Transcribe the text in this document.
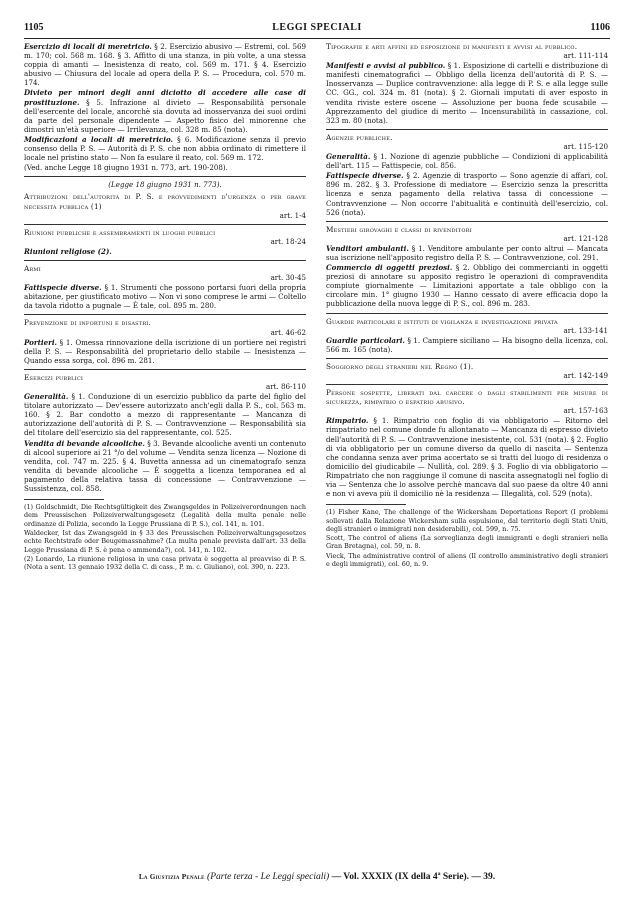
1105	LEGGI SPECIALI	1106

Esercizio di locali di meretricio. § 2. Esercizio abusivo — Estremi, col. 569 m. 170; col. 568 m. 168. § 3. Affitto di una stanza, in più volte, a una stessa coppia di amanti — Inesistenza di reato, col. 569 m. 171. § 4. Esercizio abusivo — Chiusura del locale ad opera della P. S. — Procedura, col. 570 m. 174.

Divieto per minori degli anni diciotto di accedere alle case di prostituzione. § 5. Infrazione al divieto — Responsabilità personale dell'esercente del locale, ancorchè sia dovuta ad inosservanza dei suoi ordini da parte del personale dipendente — Aspetto fisico del minorenne che dimostri un'età superiore — Irrilevanza, col. 328 m. 85 (nota).

Modificazioni a locali di meretricio. § 6. Modificazione senza il previo consenso della P. S. — Autorità di P. S. che non abbia ordinato di rimettere il locale nel pristino stato — Non fa esulare il reato, col. 569 m. 172.

(Ved. anche Legge 18 giugno 1931 n. 773, art. 190-208).

(Legge 18 giugno 1931 n. 773).

Attribuzioni dell'autorità di P. S. e provvedimenti d'urgenza o per grave necessità pubblica (1)
art. 1-4

Riunioni pubbliche e assembramenti in luoghi pubblici
art. 18-24

Riunioni religiose (2).

Armi
art. 30-45

Fattispecie diverse. § 1. Strumenti che possono portarsi fuori della propria abitazione, per giustificato motivo — Non vi sono comprese le armi — Coltello da tavola ridotto a pugnale — È tale, col. 895 m. 280.

Prevenzione di infortuni e disastri.
art. 46-62

Portieri. § 1. Omessa rinnovazione della iscrizione di un portiere nei registri della P. S. — Responsabilità del proprietario dello stabile — Inesistenza — Quando essa sorga, col. 896 m. 281.

Esercizi pubblici
art. 86-110

Generalità. § 1. Conduzione di un esercizio pubblico da parte del figlio del titolare autorizzato — Dev'essere autorizzato anch'egli dalla P. S., col. 563 m. 160. § 2. Bar condotto a mezzo di rappresentante — Mancanza di autorizzazione dell'autorità di P. S. — Contravvenzione — Responsabilità sia del titolare dell'esercizio sia del rappresentante, col. 525.

Vendita di bevande alcooliche. § 3. Bevande alcooliche aventi un contenuto di alcool superiore ai 21 °/o del volume — Vendita senza licenza — Nozione di vendita, col. 747 m. 225. § 4. Buvetta annessa ad un cinematografo senza vendita di bevande alcooliche — È soggetta a licenza temporanea ed al pagamento della relativa tassa di concessione — Contravvenzione — Sussistenza, col. 858.

(1) Goldschmidt, Die Rechtsgültigkeit des Zwangsgeldes in Polizeiverordnungen nach dem Preussischen Polizeiverwaltungsgesetz (Legalità della multa penale nelle ordinanze di Polizia, secondo la Legge Prussiana di P. S.), col. 141, n. 101.

Waldecker, Ist das Zwangsgeld in § 33 des Preussischen Polizeiverwaltungsgesetzes echte Rechtstrafe oder Beugemassnahme? (La multa penale prevista dall'art. 33 della Legge Prussiana di P. S. è pena o ammenda?), col. 141, n. 102.

(2) Lonardo, La riunione religiosa in una casa privata è soggetta al preavviso di P. S. (Nota a sent. 13 gennaio 1932 della C. di cass., P. m. c. Giuliano), col. 390, n. 223.

Tipografie e arti affini ed esposizione di manifesti e avvisi al pubblico.
art. 111-114

Manifesti e avvisi al pubblico. § 1. Esposizione di cartelli e distribuzione di manifesti cinematografici — Obbligo della licenza dell'autorità di P. S. — Inosservanza — Duplice contravvenzione: alla legge di P. S. e alla legge sulle CC. GG., col. 324 m. 81 (nota). § 2. Giornali imputati di aver esposto in vendita riviste estere oscene — Assoluzione per buona fede scusabile — Apprezzamento del giudice di merito — Incensurabilità in cassazione, col. 323 m. 80 (nota).

Agenzie pubbliche.
art. 115-120

Generalità. § 1. Nozione di agenzie pubbliche — Condizioni di applicabilità dell'art. 115 — Fattispecie, col. 856.

Fattispecie diverse. § 2. Agenzie di trasporto — Sono agenzie di affari, col. 896 m. 282. § 3. Professione di mediatore — Esercizio senza la prescritta licenza e senza pagamento della relativa tassa di concessione — Contravvenzione — Non occorre l'abitualità e continuità dell'esercizio, col. 526 (nota).

Mestieri girovaghi e classi di rivenditori
art. 121-128

Venditori ambulanti. § 1. Venditore ambulante per conto altrui — Mancata sua iscrizione nell'apposito registro della P. S. — Contravvenzione, col. 291.

Commercio di oggetti preziosi. § 2. Obbligo dei commercianti in oggetti preziosi di annotare su apposito registro le operazioni di compravendita compiute giornalmente — Limitazioni apportate a tale obbligo con la circolare min. 1° giugno 1930 — Hanno cessato di avere efficacia dopo la pubblicazione della nuova legge di P. S., col. 896 m. 283.

Guardie particolari e istituti di vigilanza e investigazione privata
art. 133-141

Guardie particolari. § 1. Campiere siciliano — Ha bisogno della licenza, col. 566 m. 165 (nota).

Soggiorno degli stranieri nel Regno (1).
art. 142-149

Persone sospette, liberati dal carcere o dagli stabilimenti per misure di sicurezza, rimpatrio o espatrio abusivo.
art. 157-163

Rimpatrio. § 1. Rimpatrio con foglio di via obbligatorio — Ritorno del rimpatriato nel comune donde fu allontanato — Mancanza di espresso divieto dell'autorità di P. S. — Contravvenzione inesistente, col. 531 (nota). § 2. Foglio di via obbligatorio per un comune diverso da quello di nascita — Sentenza che condanna senza aver prima accertato se si tratti del luogo di residenza o domicilio del giudicabile — Nullità, col. 289. § 3. Foglio di via obbligatorio — Rimpatriato che non raggiunge il comune di nascita assegnatogli nel foglio di via — Sentenza che lo assolve perchè mancava dal suo paese da oltre 40 anni e non vi aveva più il domicilio nè la residenza — Illegalità, col. 529 (nota).

(1) Fisher Kane, The challenge of the Wickersham Deportations Report (I problemi sollevati dalla Relazione Wickersham sulla espulsione, dal territorio degli Stati Uniti, degli stranieri o immigrati non desiderabili), col. 599, n. 75.

Scott, The control of aliens (La sorveglianza degli immigranti e degli stranieri nella Gran Bretagna), col. 59, n. 8.

Vieck, The administrative control of aliens (Il controllo amministrativo degli stranieri e degli immigrati), col. 60, n. 9.

La Giustizia Penale (Parte terza - Le Leggi speciali) — Vol. XXXIX (IX della 4ª Serie). — 39.
